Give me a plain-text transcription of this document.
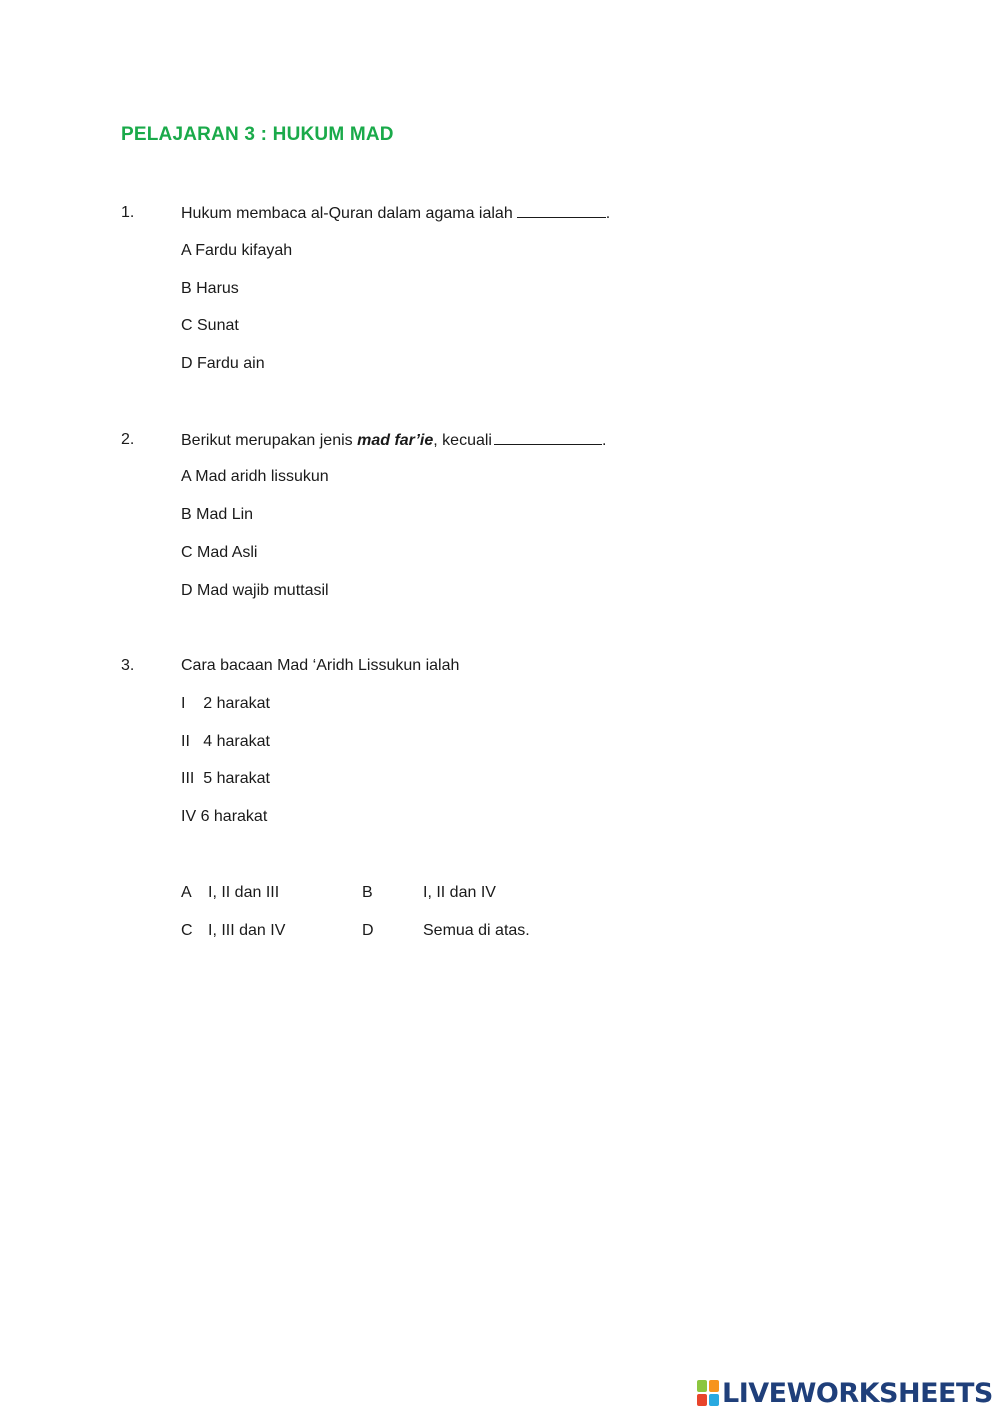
PELAJARAN 3 : HUKUM MAD
1.	Hukum membaca al-Quran dalam agama ialah	.
A Fardu kifayah
B Harus
C Sunat
D Fardu ain
2.	Berikut merupakan jenis mad far’ie, kecuali	.
A Mad aridh lissukun
B Mad Lin
C Mad Asli
D Mad wajib muttasil
3.	Cara bacaan Mad ‘Aridh Lissukun ialah
I    2 harakat
II   4 harakat
III  5 harakat
IV 6 harakat
A I, II dan III	B	I, II dan IV
C I, III dan IV	D	Semua di atas.
LIVEWORKSHEETS
